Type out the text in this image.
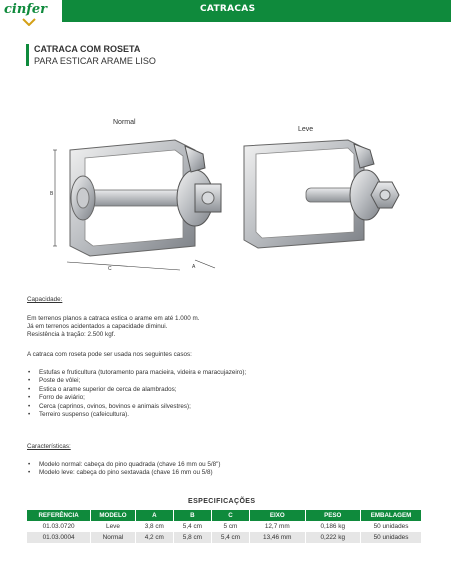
CATRACAS
cinfer
CATRACA COM ROSETA
PARA ESTICAR ARAME LISO
Normal
Leve
B
C	A
Capacidade:
Em terrenos planos a catraca estica o arame em até 1.000 m.
Já em terrenos acidentados a capacidade diminui.
Resistência à tração: 2.500 kgf.
A catraca com roseta pode ser usada nos seguintes casos:
• Estufas e fruticultura (tutoramento para macieira, videira e maracujazeiro);
• Poste de vôlei;
• Estica o arame superior de cerca de alambrados;
• Forro de aviário;
• Cerca (caprinos, ovinos, bovinos e animais silvestres);
• Terreiro suspenso (cafeicultura).
Características:
• Modelo normal: cabeça do pino quadrada (chave 16 mm ou 5/8")
• Modelo leve: cabeça do pino sextavada (chave 16 mm ou 5/8)
ESPECIFICAÇÕES
REFERÊNCIA	MODELO	A	B	C	EIXO	PESO	EMBALAGEM
01.03.0720	Leve	3,8 cm	5,4 cm	5 cm	12,7 mm	0,186 kg	50 unidades
01.03.0004	Normal	4,2 cm	5,8 cm	5,4 cm	13,46 mm	0,222 kg	50 unidades
